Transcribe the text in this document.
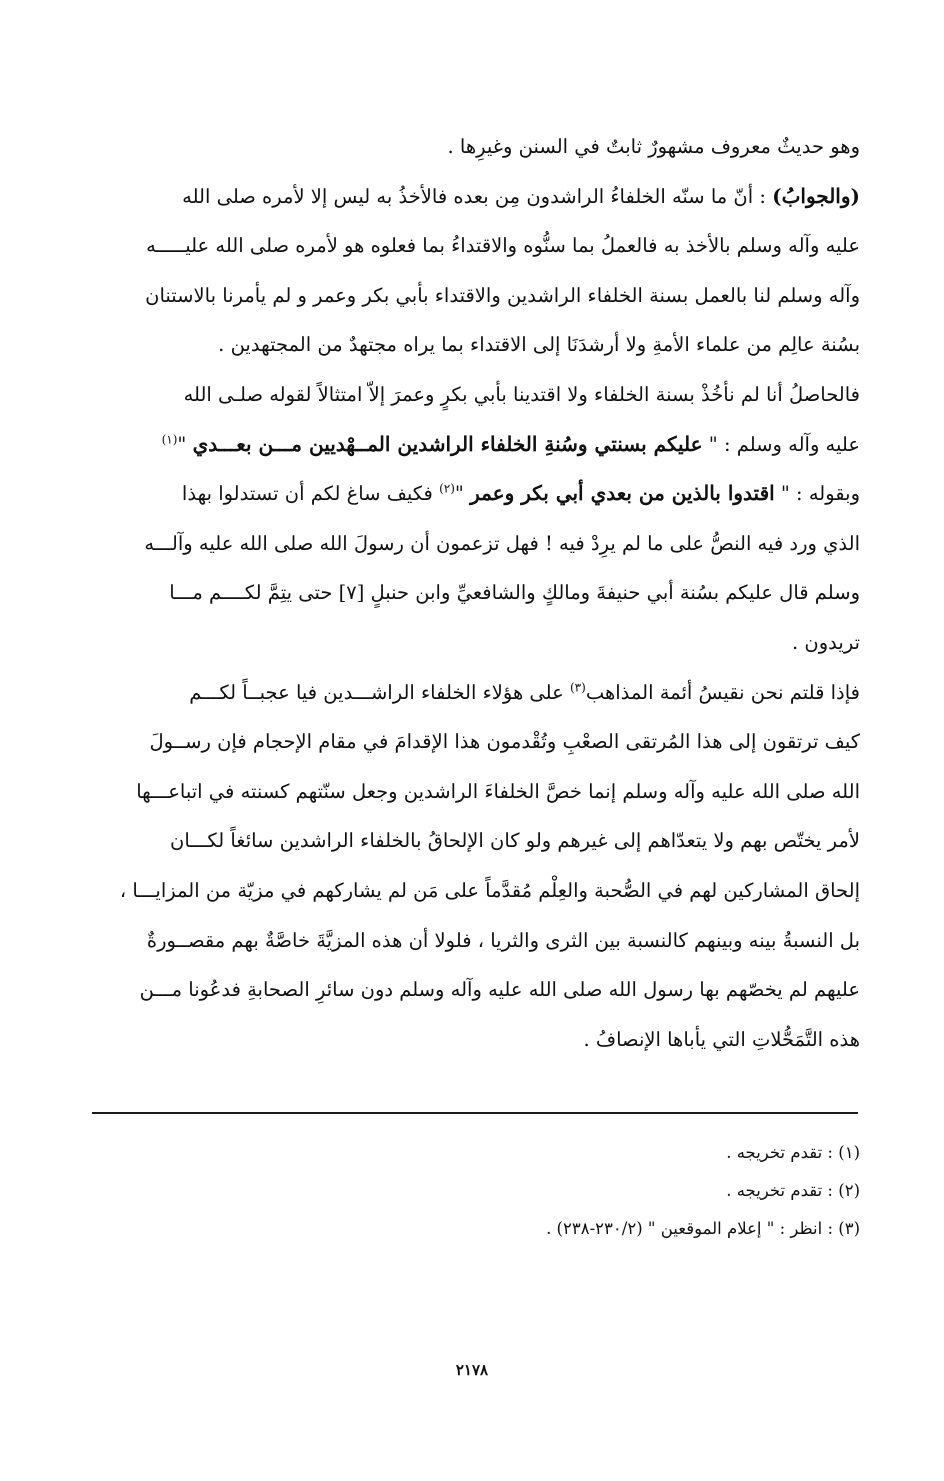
وهو حديثٌ معروف مشهورٌ ثابتٌ في السنن وغيرِها .
(والجوابُ) : أنّ ما سنّه الخلفاءُ الراشدون مِن بعده فالأخذُ به ليس إلا لأمره صلى الله
عليه وآله وسلم بالأخذ به فالعملُ بما سنُّوه والاقتداءُ بما فعلوه هو لأمره صلى الله عليـــــه
وآله وسلم لنا بالعمل بسنة الخلفاء الراشدين والاقتداء بأبي بكر وعمر و لم يأمرنا بالاستنان
بسُنة عالِم من علماء الأمةِ ولا أرشدَنَا إلى الاقتداء بما يراه مجتهدٌ من المجتهدين .
فالحاصلُ أنا لم نأخُذْ بسنة الخلفاء ولا اقتدينا بأبي بكرٍ وعمرَ إلاّ امتثالاً لقوله صلـى الله
عليه وآله وسلم : " عليكم بسنتي وسُنةِ الخلفاء الراشدين المــهْديين مـــن بعـــدي "$^{(١)}$
وبقوله : " اقتدوا بالذين من بعدي أبي بكر وعمر "$^{(٢)}$ فكيف ساغ لكم أن تستدلوا بهذا
الذي ورد فيه النصُّ على ما لم يرِدْ فيه ! فهل تزعمون أن رسولَ الله صلى الله عليه وآلـــه
وسلم قال عليكم بسُنة أبي حنيفةَ ومالكٍ والشافعيِّ وابن حنبلٍ [٧] حتى يتِمَّ لكــــم مـــا
تريدون .
فإذا قلتم نحن نقيسُ أئمة المذاهب$^{(٣)}$ على هؤلاء الخلفاء الراشـــدين فيا عجبــاً لكـــم
كيف ترتقون إلى هذا المُرتقى الصعْبِ وتُقْدمون هذا الإقدامَ في مقام الإحجام فإن رســولَ
الله صلى الله عليه وآله وسلم إنما خصَّ الخلفاءَ الراشدين وجعل سنّتهم كسنته في اتباعـــها
لأمر يختّص بهم ولا يتعدّاهم إلى غيرهم ولو كان الإلحاقُ بالخلفاء الراشدين سائغاً لكـــان
إلحاق المشاركين لهم في الصُّحبة والعِلْم مُقدَّماً على مَن لم يشاركهم في مزيّة من المزايـــا ،
بل النسبةُ بينه وبينهم كالنسبة بين الثرى والثريا ، فلولا أن هذه المزيَّةَ خاصَّةٌ بهم مقصــورةٌ
عليهم لم يخصّهم بها رسول الله صلى الله عليه وآله وسلم دون سائرِ الصحابةِ فدعُونا مـــن
هذه التَّمَحُّلاتِ التي يأباها الإنصافُ .
(١) : تقدم تخريجه .
(٢) : تقدم تخريجه .
(٣) : انظر : " إعلام الموقعين " (٢٣٠/٢-٢٣٨) .
٢١٧٨
